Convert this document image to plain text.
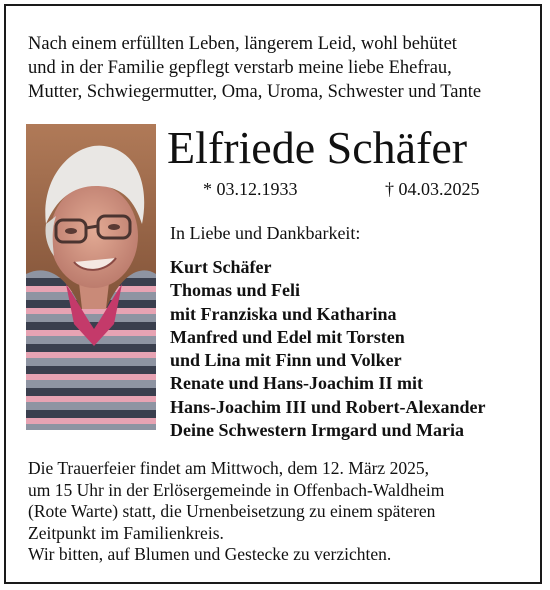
Nach einem erfüllten Leben, längerem Leid, wohl behütet
und in der Familie gepflegt verstarb meine liebe Ehefrau,
Mutter, Schwiegermutter, Oma, Uroma, Schwester und Tante
Elfriede Schäfer
* 03.12.1933	† 04.03.2025
In Liebe und Dankbarkeit:
Kurt Schäfer
Thomas und Feli
mit Franziska und Katharina
Manfred und Edel mit Torsten
und Lina mit Finn und Volker
Renate und Hans-Joachim II mit
Hans-Joachim III und Robert-Alexander
Deine Schwestern Irmgard und Maria
Die Trauerfeier findet am Mittwoch, dem 12. März 2025,
um 15 Uhr in der Erlösergemeinde in Offenbach-Waldheim
(Rote Warte) statt, die Urnenbeisetzung zu einem späteren
Zeitpunkt im Familienkreis.
Wir bitten, auf Blumen und Gestecke zu verzichten.
